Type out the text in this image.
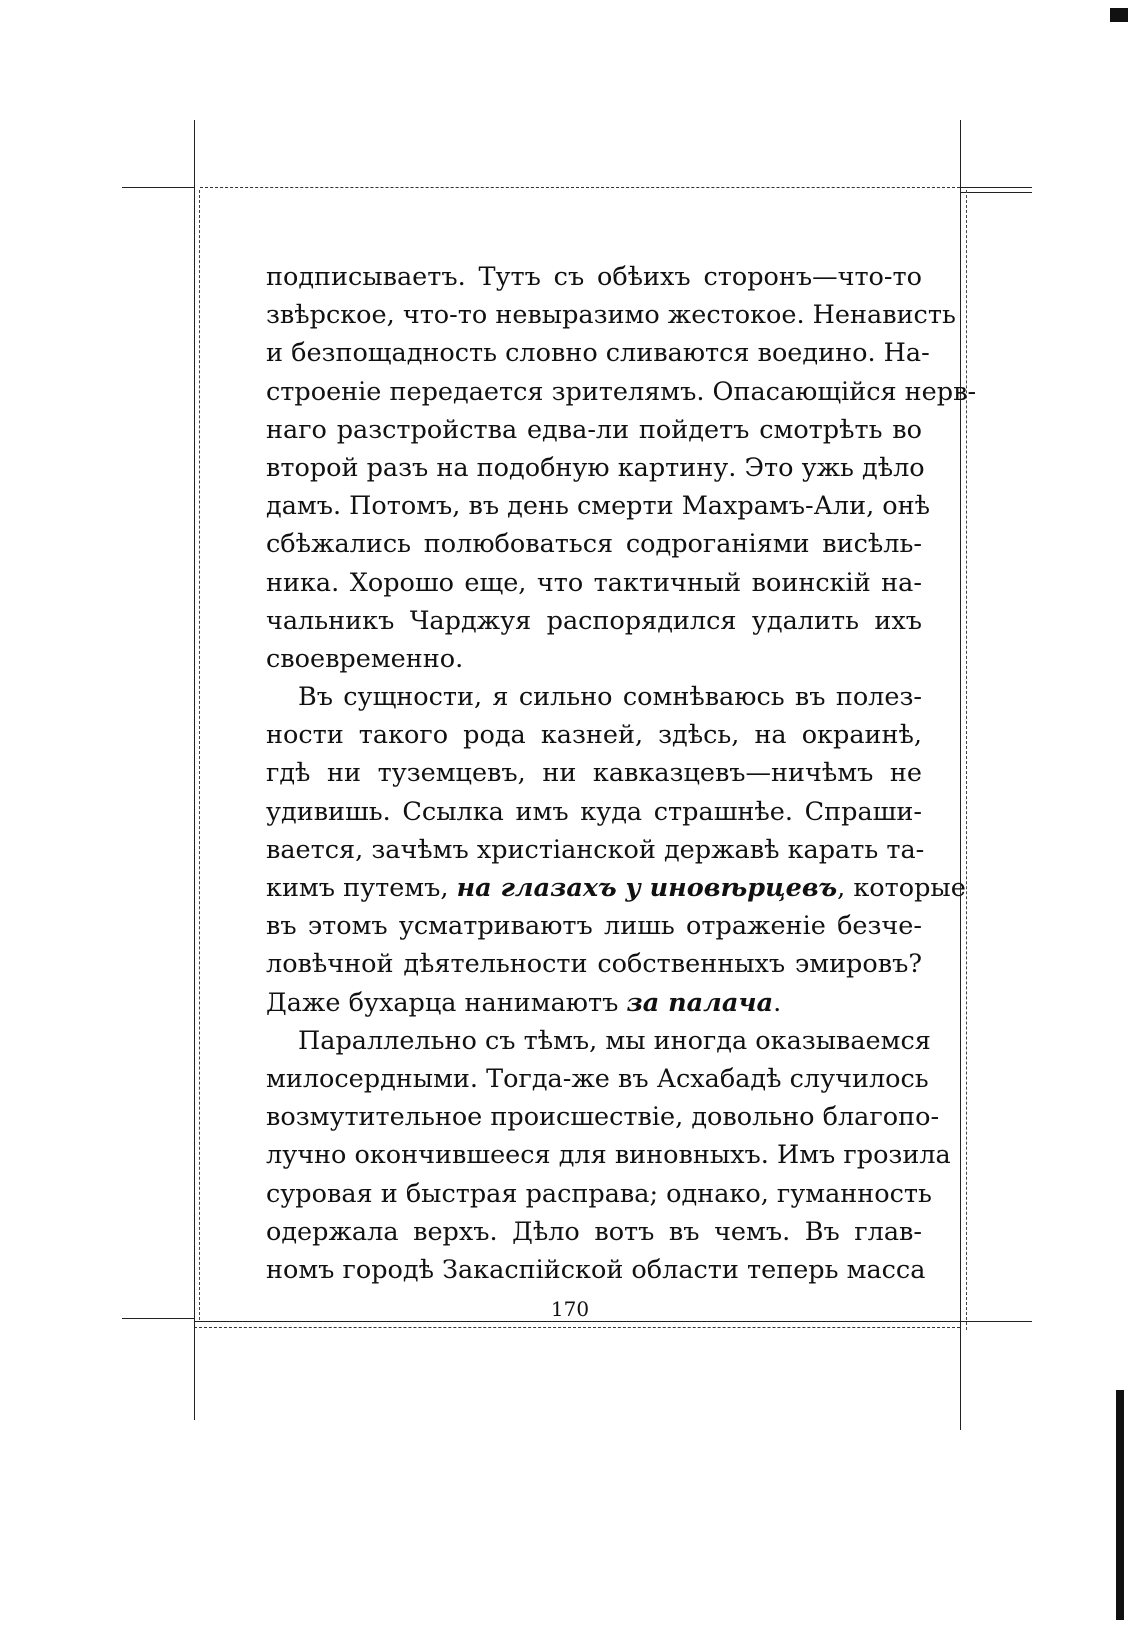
подписываетъ. Тутъ съ обѣихъ сторонъ—что-то
звѣрское, что-то невыразимо жестокое. Ненависть
и безпощадность словно сливаются воедино. На-
строеніе передается зрителямъ. Опасающійся нерв-
наго разстройства едва-ли пойдетъ смотрѣть во
второй разъ на подобную картину. Это ужь дѣло
дамъ. Потомъ, въ день смерти Махрамъ-Али, онѣ
сбѣжались полюбоваться содроганіями висѣль-
ника. Хорошо еще, что тактичный воинскій на-
чальникъ Чарджуя распорядился удалить ихъ
своевременно.
Въ сущности, я сильно сомнѣваюсь въ полез-
ности такого рода казней, здѣсь, на окраинѣ,
гдѣ ни туземцевъ, ни кавказцевъ—ничѣмъ не
удивишь. Ссылка имъ куда страшнѣе. Спраши-
вается, зачѣмъ христіанской державѣ карать та-
кимъ путемъ, на глазахъ у иновѣрцевъ, которые
въ этомъ усматриваютъ лишь отраженіе безче-
ловѣчной дѣятельности собственныхъ эмировъ?
Даже бухарца нанимаютъ за палача.
Параллельно съ тѣмъ, мы иногда оказываемся
милосердными. Тогда-же въ Асхабадѣ случилось
возмутительное происшествіе, довольно благопо-
лучно окончившееся для виновныхъ. Имъ грозила
суровая и быстрая расправа; однако, гуманность
одержала верхъ. Дѣло вотъ въ чемъ. Въ глав-
номъ городѣ Закаспійской области теперь масса
170
